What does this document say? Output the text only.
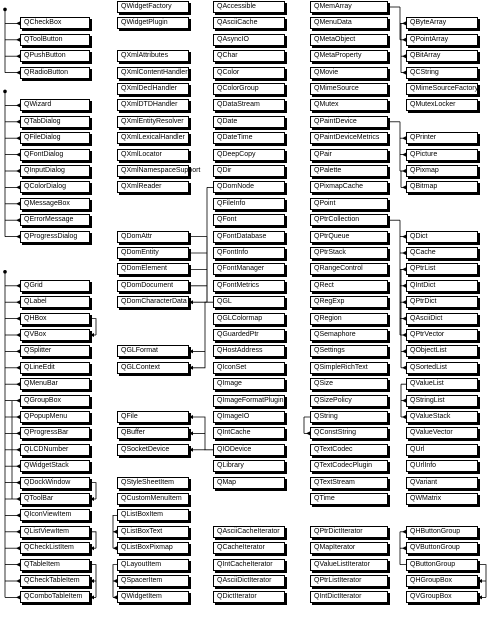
QCheckBox
QToolButton
QPushButton
QRadioButton
QWizard
QTabDialog
QFileDialog
QFontDialog
QInputDialog
QColorDialog
QMessageBox
QErrorMessage
QProgressDialog
QGrid
QLabel
QHBox
QVBox
QSplitter
QLineEdit
QMenuBar
QGroupBox
QPopupMenu
QProgressBar
QLCDNumber
QWidgetStack
QDockWindow
QToolBar
QIconViewItem
QListViewItem
QCheckListItem
QTableItem
QCheckTableItem
QComboTableItem
QWidgetFactory
QWidgetPlugin
QXmlAttributes
QXmlContentHandler
QXmlDeclHandler
QXmlDTDHandler
QXmlEntityResolver
QXmlLexicalHandler
QXmlLocator
QXmlNamespaceSupport
QXmlReader
QDomAttr
QDomEntity
QDomElement
QDomDocument
QDomCharacterData
QGLFormat
QGLContext
QFile
QBuffer
QSocketDevice
QStyleSheetItem
QCustomMenuItem
QListBoxItem
QListBoxText
QListBoxPixmap
QLayoutItem
QSpacerItem
QWidgetItem
QAccessible
QAsciiCache
QAsyncIO
QChar
QColor
QColorGroup
QDataStream
QDate
QDateTime
QDeepCopy
QDir
QDomNode
QFileInfo
QFont
QFontDatabase
QFontInfo
QFontManager
QFontMetrics
QGL
QGLColormap
QGuardedPtr
QHostAddress
QIconSet
QImage
QImageFormatPlugin
QImageIO
QIntCache
QIODevice
QLibrary
QMap
QAsciiCacheIterator
QCacheIterator
QIntCacheIterator
QAsciiDictIterator
QDictIterator
QMemArray
QMenuData
QMetaObject
QMetaProperty
QMovie
QMimeSource
QMutex
QPaintDevice
QPaintDeviceMetrics
QPair
QPalette
QPixmapCache
QPoint
QPtrCollection
QPtrQueue
QPtrStack
QRangeControl
QRect
QRegExp
QRegion
QSemaphore
QSettings
QSimpleRichText
QSize
QSizePolicy
QString
QConstString
QTextCodec
QTextCodecPlugin
QTextStream
QTime
QPtrDictIterator
QMapIterator
QValueListIterator
QPtrListIterator
QIntDictIterator
QByteArray
QPointArray
QBitArray
QCString
QMimeSourceFactory
QMutexLocker
QPrinter
QPicture
QPixmap
QBitmap
QDict
QCache
QPtrList
QIntDict
QPtrDict
QAsciiDict
QPtrVector
QObjectList
QSortedList
QValueList
QStringList
QValueStack
QValueVector
QUrl
QUrlInfo
QVariant
QWMatrix
QHButtonGroup
QVButtonGroup
QButtonGroup
QHGroupBox
QVGroupBox
